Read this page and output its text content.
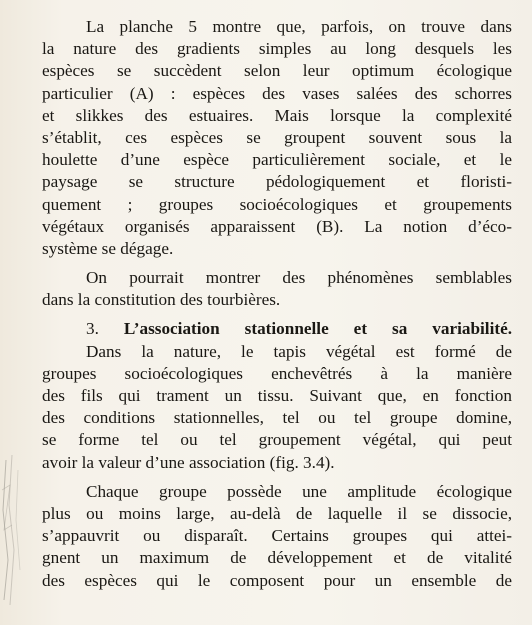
La planche 5 montre que, parfois, on trouve dans
la nature des gradients simples au long desquels les
espèces se succèdent selon leur optimum écologique
particulier (A) : espèces des vases salées des schorres
et slikkes des estuaires. Mais lorsque la complexité
s’établit, ces espèces se groupent souvent sous la
houlette d’une espèce particulièrement sociale, et le
paysage se structure pédologiquement et floristi-
quement ; groupes socioécologiques et groupements
végétaux organisés apparaissent (B). La notion d’éco-
système se dégage.
On pourrait montrer des phénomènes semblables
dans la constitution des tourbières.
3. L’association stationnelle et sa variabilité.
Dans la nature, le tapis végétal est formé de
groupes socioécologiques enchevêtrés à la manière
des fils qui trament un tissu. Suivant que, en fonction
des conditions stationnelles, tel ou tel groupe domine,
se forme tel ou tel groupement végétal, qui peut
avoir la valeur d’une association (fig. 3.4).
Chaque groupe possède une amplitude écologique
plus ou moins large, au-delà de laquelle il se dissocie,
s’appauvrit ou disparaît. Certains groupes qui attei-
gnent un maximum de développement et de vitalité
des espèces qui le composent pour un ensemble de
